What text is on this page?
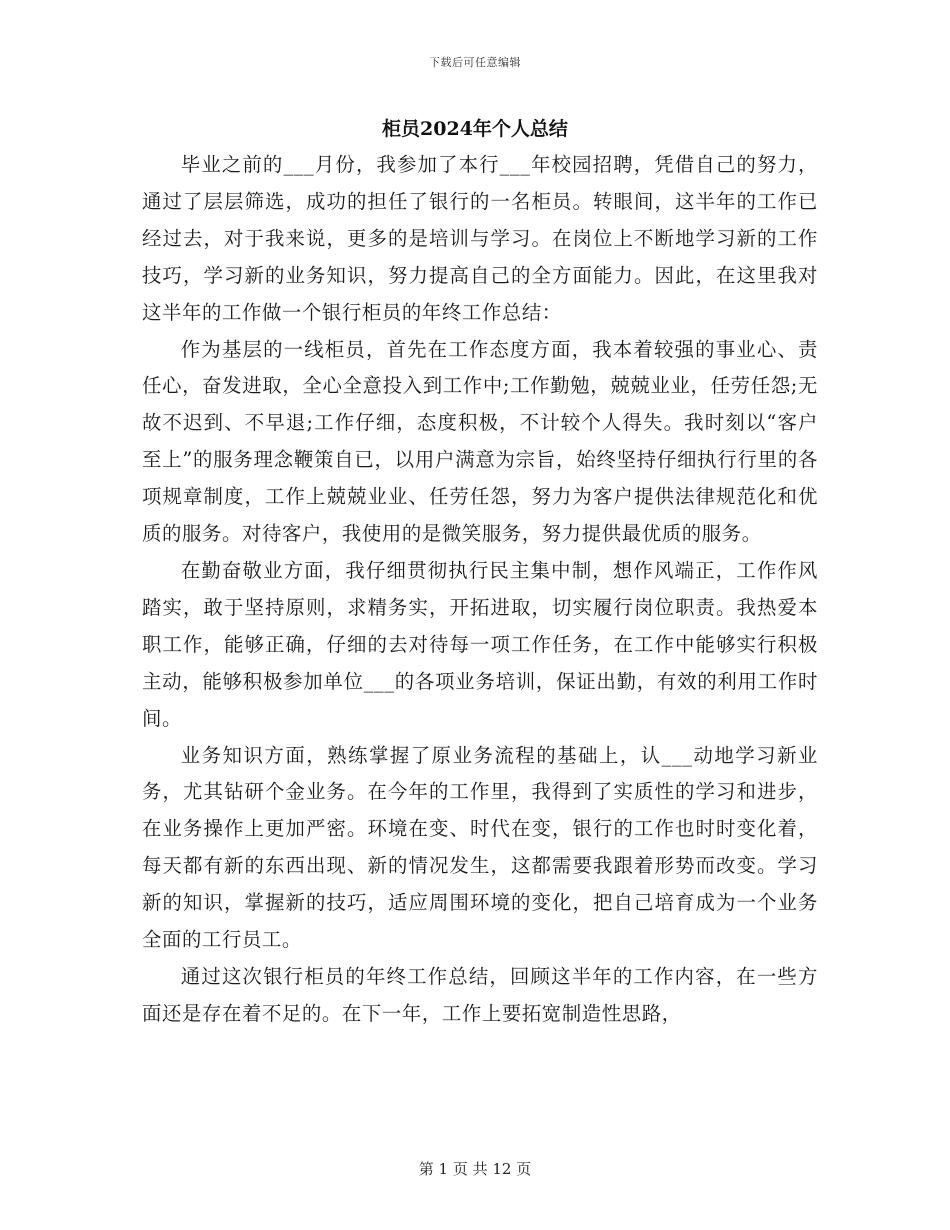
下载后可任意编辑
柜员2024年个人总结

毕业之前的___月份，我参加了本行___年校园招聘，凭借自己的努力，通过了层层筛选，成功的担任了银行的一名柜员。转眼间，这半年的工作已经过去，对于我来说，更多的是培训与学习。在岗位上不断地学习新的工作技巧，学习新的业务知识，努力提高自己的全方面能力。因此，在这里我对这半年的工作做一个银行柜员的年终工作总结：

作为基层的一线柜员，首先在工作态度方面，我本着较强的事业心、责任心，奋发进取，全心全意投入到工作中;工作勤勉，兢兢业业，任劳任怨;无故不迟到、不早退;工作仔细，态度积极，不计较个人得失。我时刻以“客户至上”的服务理念鞭策自已，以用户满意为宗旨，始终坚持仔细执行行里的各项规章制度，工作上兢兢业业、任劳任怨，努力为客户提供法律规范化和优质的服务。对待客户，我使用的是微笑服务，努力提供最优质的服务。

在勤奋敬业方面，我仔细贯彻执行民主集中制，想作风端正，工作作风踏实，敢于坚持原则，求精务实，开拓进取，切实履行岗位职责。我热爱本职工作，能够正确，仔细的去对待每一项工作任务，在工作中能够实行积极主动，能够积极参加单位___的各项业务培训，保证出勤，有效的利用工作时间。

业务知识方面，熟练掌握了原业务流程的基础上，认___动地学习新业务，尤其钻研个金业务。在今年的工作里，我得到了实质性的学习和进步，在业务操作上更加严密。环境在变、时代在变，银行的工作也时时变化着，每天都有新的东西出现、新的情况发生，这都需要我跟着形势而改变。学习新的知识，掌握新的技巧，适应周围环境的变化，把自己培育成为一个业务全面的工行员工。

通过这次银行柜员的年终工作总结，回顾这半年的工作内容，在一些方面还是存在着不足的。在下一年，工作上要拓宽制造性思路，

第 1 页 共 12 页
